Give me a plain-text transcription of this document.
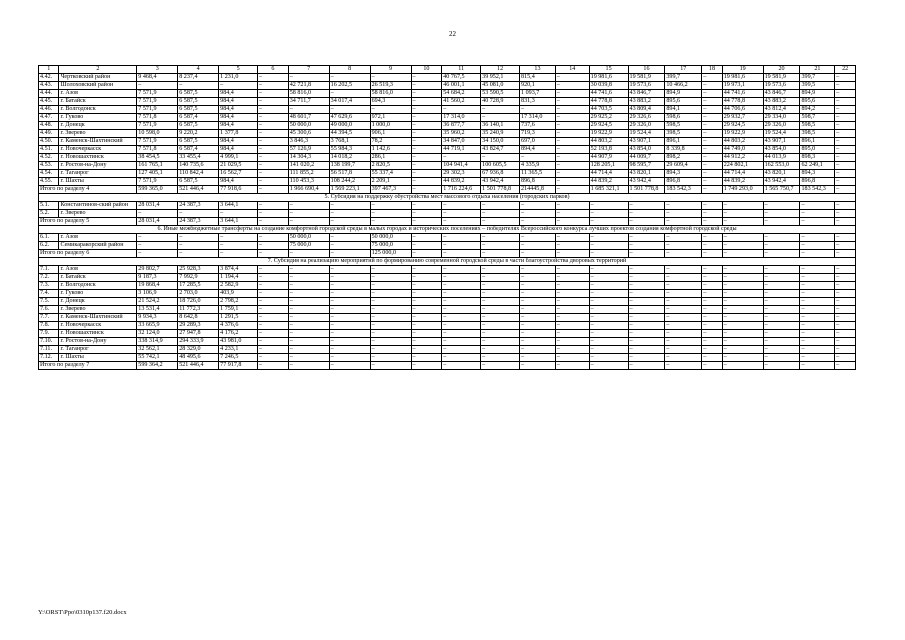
22
1	2	3	4	5	6	7	8	9	10	11	12	13	14	15	16	17	18	19	20	21	22
4.42.	Чертковский район	9 468,4	8 237,4	1 231,0	–	–	–	–	–	40 767,5	39 952,1	815,4	–	19 981,6	19 581,9	399,7	–	19 981,6	19 581,9	399,7	–
4.43.	Шолоховский район	–	–	–	–	42 721,8	16 202,5	26 519,3	–	46 001,1	45 081,0	920,1	–	30 039,8	19 573,6	10 466,2	–	19 973,1	19 573,6	399,5	–
4.44.	г. Азов	7 571,9	6 587,5	984,4	–	58 816,0	–	58 816,0	–	54 684,2	53 590,5	1 093,7	–	44 741,6	43 846,7	894,9	–	44 741,6	43 846,7	894,9	–
4.45.	г. Батайск	7 571,9	6 587,5	984,4	–	34 711,7	34 017,4	694,3	–	41 560,2	40 728,9	831,3	–	44 778,8	43 883,2	895,6	–	44 778,8	43 883,2	895,6	–
4.46.	г. Волгодонск	7 571,9	6 587,5	984,4	–	–	–	–	–	–	–	–	–	44 703,5	43 809,4	894,1	–	44 706,6	43 812,4	894,2	–
4.47.	г. Гуково	7 571,8	6 587,4	984,4	–	48 601,7	47 629,6	972,1	–	17 314,0	–	17 314,0	–	29 925,2	29 326,6	598,6	–	29 932,7	29 334,0	598,7	–
4.48.	г. Донецк	7 571,9	6 587,5	984,4	–	50 000,0	49 000,0	1 000,0	–	36 877,7	36 140,1	737,6	–	29 924,5	29 326,0	598,5	–	29 924,5	29 326,0	598,5	–
4.49.	г. Зверево	10 598,0	9 220,2	1 377,8	–	45 300,6	44 394,5	906,1	–	35 960,2	35 240,9	719,3	–	19 922,9	19 524,4	398,5	–	19 922,9	19 524,4	398,5	–
4.50.	г. Каменск-Шахтинский	7 571,9	6 587,5	984,4	–	3 846,3	3 768,1	78,2	–	34 847,0	34 150,0	697,0	–	44 803,2	43 907,1	896,1	–	44 803,2	43 907,1	896,1	–
4.51.	г. Новочеркасск	7 571,8	6 587,4	984,4	–	57 126,9	55 984,3	1 142,6	–	44 719,1	43 824,7	894,4	–	52 193,8	43 854,0	8 339,8	–	44 749,0	43 854,0	895,0	–
4.52.	г. Новошахтинск	38 454,5	33 455,4	4 999,1	–	14 304,3	14 018,2	286,1	–	–	–	–	–	44 907,9	44 009,7	898,2	–	44 912,2	44 013,9	898,3	–
4.53.	г. Ростов-на-Дону	161 765,1	140 735,6	21 029,5	–	141 020,2	138 199,7	2 820,5	–	104 941,4	100 605,5	4 335,9	–	128 205,1	98 595,7	29 609,4	–	224 802,1	162 553,0	62 249,1	–
4.54.	г. Таганрог	127 405,1	110 842,4	16 562,7	–	111 855,2	56 517,8	55 337,4	–	29 302,3	67 936,8	11 365,5	–	44 714,4	43 820,1	894,3	–	44 714,4	43 820,1	894,3	–
4.55.	г. Шахты	7 571,9	6 587,5	984,4	–	110 453,3	108 244,2	2 209,1	–	44 839,2	43 942,4	896,8	–	44 839,2	43 942,4	896,8	–	44 839,2	43 942,4	896,8	–
Итого по разделу 4		599 365,0	521 446,4	77 918,6	–	1 966 690,4	1 569 223,1	397 467,3	–	1 716 224,6	1 501 778,8	214445,8	–	1 685 321,1	1 501 778,8	183 542,3	–	1 749 293,0	1 565 750,7	183 542,3	–
5. Субсидия на поддержку обустройства мест массового отдыха населения (городских парков)																					
5.1.	Константинов-ский район	28 031,4	24 387,3	3 644,1	–	–	–	–	–	–	–	–	–	–	–	–	–	–	–	–	–
5.2.	г. Зверево	–	–	–	–	–	–	–	–	–	–	–	–	–	–	–	–	–	–	–	–
Итого по разделу 5		28 031,4	24 387,3	3 644,1	–	–	–	–	–	–	–	–	–	–	–	–	–	–	–	–	–
6. Иные межбюджетные трансферты на создание комфортной городской среды в малых городах и исторических поселениях – победителях Всероссийского конкурса лучших проектов создания комфортной городской среды																					
6.1.	г. Азов	–	–	–	–	50 000,0	–	50 000,0	–	–	–	–	–	–	–	–	–	–	–	–	–
6.2.	Семикаракорский район	–	–	–	–	75 000,0	–	75 000,0	–	–	–	–	–	–	–	–	–	–	–	–	–
Итого по разделу 6		–	–	–	–	–	–	125 000,0	–	–	–	–	–	–	–	–	–	–	–	–	–
7. Субсидия на реализацию мероприятий по формированию современной городской среды в части благоустройства дворовых территорий																					
7.1.	г. Азов	29 802,7	25 928,3	3 874,4	–	–	–	–	–	–	–	–	–	–	–	–	–	–	–	–	–
7.2.	г. Батайск	9 187,3	7 992,9	1 194,4	–	–	–	–	–	–	–	–	–	–	–	–	–	–	–	–	–
7.3.	г. Волгодонск	19 868,4	17 285,5	2 582,9	–	–	–	–	–	–	–	–	–	–	–	–	–	–	–	–	–
7.4.	г. Гуково	3 106,9	2 703,0	403,9	–	–	–	–	–	–	–	–	–	–	–	–	–	–	–	–	–
7.5.	г. Донецк	21 524,2	18 726,0	2 798,2	–	–	–	–	–	–	–	–	–	–	–	–	–	–	–	–	–
7.6.	г. Зверево	13 531,4	11 772,3	1 759,1	–	–	–	–	–	–	–	–	–	–	–	–	–	–	–	–	–
7.7.	г. Каменск-Шахтинский	9 934,3	8 642,8	1 291,5	–	–	–	–	–	–	–	–	–	–	–	–	–	–	–	–	–
7.8.	г. Новочеркасск	33 665,9	29 289,3	4 376,6	–	–	–	–	–	–	–	–	–	–	–	–	–	–	–	–	–
7.9.	г. Новошахтинск	32 124,0	27 947,8	4 176,2	–	–	–	–	–	–	–	–	–	–	–	–	–	–	–	–	–
7.10.	г. Ростов-на-Дону	338 314,9	294 333,9	43 981,0	–	–	–	–	–	–	–	–	–	–	–	–	–	–	–	–	–
7.11.	г. Таганрог	32 562,1	28 329,0	4 233,1	–	–	–	–	–	–	–	–	–	–	–	–	–	–	–	–	–
7.12.	г. Шахты	55 742,1	48 495,6	7 246,5	–	–	–	–	–	–	–	–	–	–	–	–	–	–	–	–	–
Итого по разделу 7		599 364,2	521 446,4	77 917,8	–	–	–	–	–	–	–	–	–	–	–	–	–	–	–	–	–
Y:\ORST\Ppo\0310p137.f20.docx
